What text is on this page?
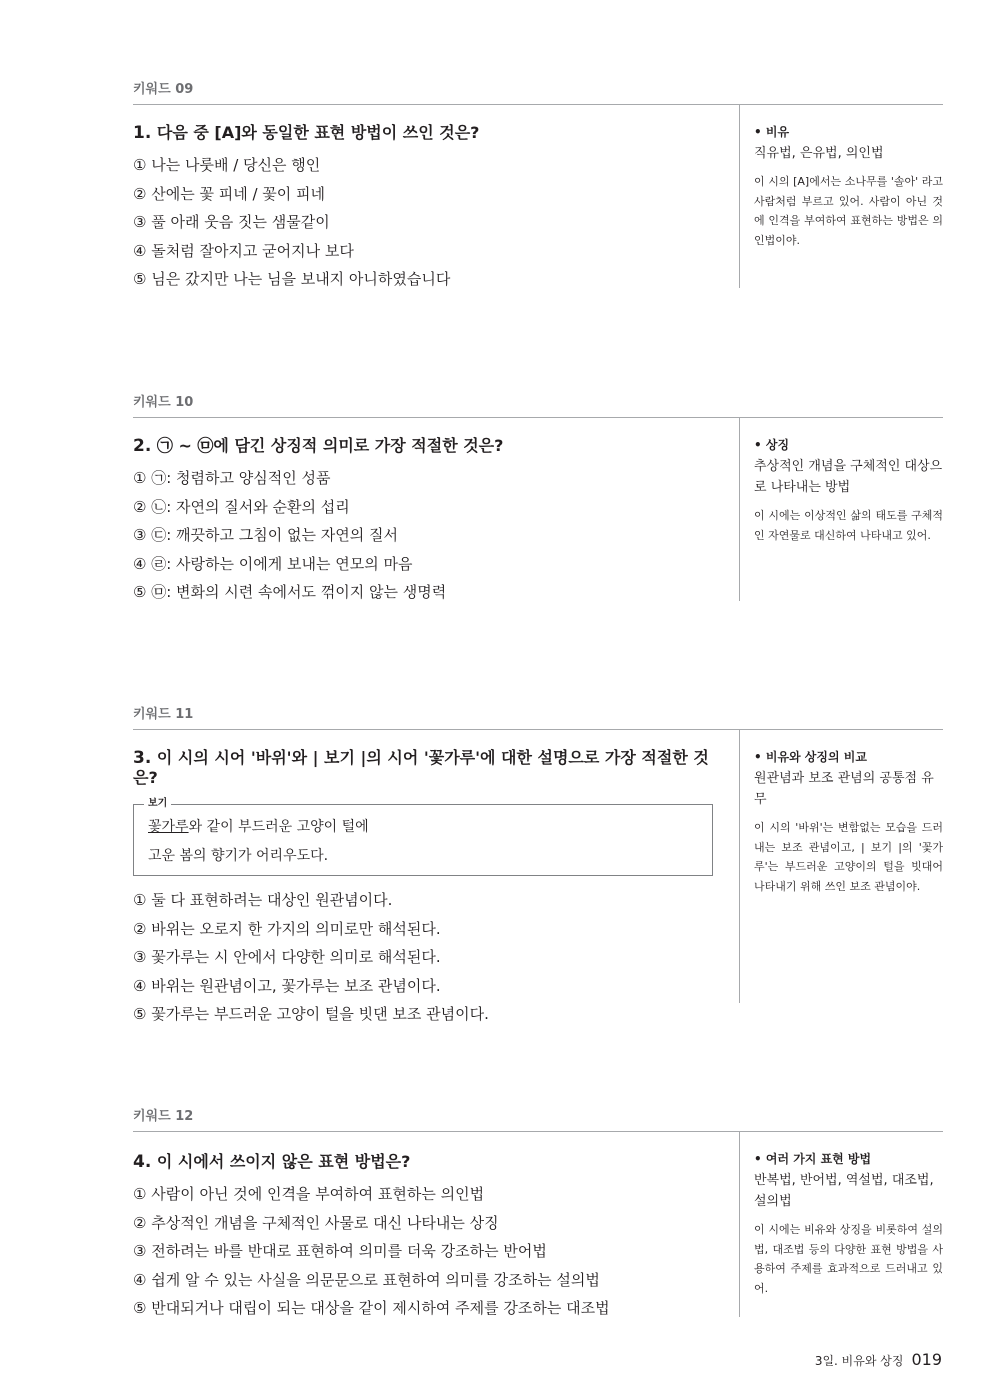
키워드 09

1. 다음 중 [A]와 동일한 표현 방법이 쓰인 것은?

① 나는 나룻배 / 당신은 행인
② 산에는 꽃 피네 / 꽃이 피네
③ 풀 아래 웃음 짓는 샘물같이
④ 돌처럼 잘아지고 굳어지나 보다
⑤ 님은 갔지만 나는 님을 보내지 아니하였습니다
• 비유
직유법, 은유법, 의인법
이 시의 [A]에서는 소나무를 '솔아' 라고 사람처럼 부르고 있어. 사람이 아닌 것에 인격을 부여하여 표현하는 방법은 의인법이야.
키워드 10

2. ㉠ ~ ㉤에 담긴 상징적 의미로 가장 적절한 것은?

① ㉠: 청렴하고 양심적인 성품
② ㉡: 자연의 질서와 순환의 섭리
③ ㉢: 깨끗하고 그침이 없는 자연의 질서
④ ㉣: 사랑하는 이에게 보내는 연모의 마음
⑤ ㉤: 변화의 시련 속에서도 꺾이지 않는 생명력
• 상징
추상적인 개념을 구체적인 대상으로 나타내는 방법
이 시에는 이상적인 삶의 태도를 구체적인 자연물로 대신하여 나타내고 있어.
키워드 11

3. 이 시의 시어 '바위'와 | 보기 |의 시어 '꽃가루'에 대한 설명으로 가장 적절한 것은?

보기
꽃가루와 같이 부드러운 고양이 털에
고운 봄의 향기가 어리우도다.
① 둘 다 표현하려는 대상인 원관념이다.
② 바위는 오로지 한 가지의 의미로만 해석된다.
③ 꽃가루는 시 안에서 다양한 의미로 해석된다.
④ 바위는 원관념이고, 꽃가루는 보조 관념이다.
⑤ 꽃가루는 부드러운 고양이 털을 빗댄 보조 관념이다.
• 비유와 상징의 비교
원관념과 보조 관념의 공통점 유무
이 시의 '바위'는 변함없는 모습을 드러내는 보조 관념이고, | 보기 |의 '꽃가루'는 부드러운 고양이의 털을 빗대어 나타내기 위해 쓰인 보조 관념이야.
키워드 12

4. 이 시에서 쓰이지 않은 표현 방법은?

① 사람이 아닌 것에 인격을 부여하여 표현하는 의인법
② 추상적인 개념을 구체적인 사물로 대신 나타내는 상징
③ 전하려는 바를 반대로 표현하여 의미를 더욱 강조하는 반어법
④ 쉽게 알 수 있는 사실을 의문문으로 표현하여 의미를 강조하는 설의법
⑤ 반대되거나 대립이 되는 대상을 같이 제시하여 주제를 강조하는 대조법
• 여러 가지 표현 방법
반복법, 반어법, 역설법, 대조법, 설의법
이 시에는 비유와 상징을 비롯하여 설의법, 대조법 등의 다양한 표현 방법을 사용하여 주제를 효과적으로 드러내고 있어.
3일. 비유와 상징 019
